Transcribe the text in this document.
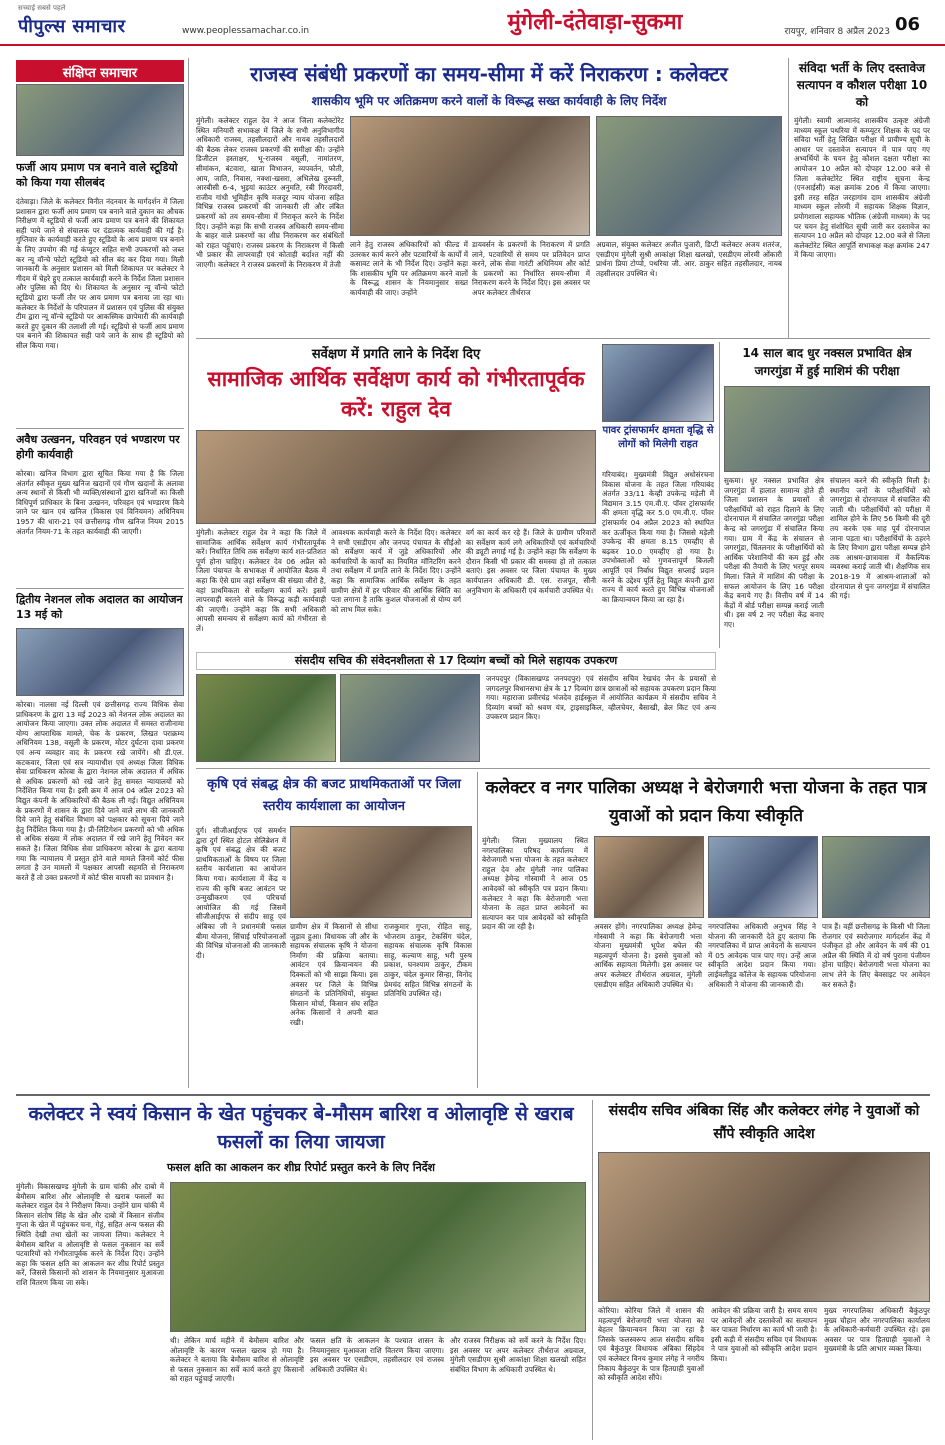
सच्चाई सबसे पहले
पीपुल्स समाचार	www.peoplessamachar.co.in	मुंगेली-दंतेवाड़ा-सुकमा	रायपुर, शनिवार 8 अप्रैल 2023 06
संक्षिप्त समाचार
फर्जी आय प्रमाण पत्र बनाने वाले स्टूडियो को किया गया सीलबंद
दंतेवाड़ा। जिले के कलेक्टर विनीत नंदनवार के मार्गदर्शन में जिला प्रशासन द्वारा फर्जी आय प्रमाण पत्र बनाने वाले दुकान का औचक निरीक्षण में स्टूडियो से फर्जी आय प्रमाण पत्र बनाने की शिकायत सही पाये जाने से संचालक पर दंडात्मक कार्यवाही की गई है। गुप्तिवार के कार्यवाही करते हुए स्टूडियो के आय प्रमाण पत्र बनाने के लिए उपयोग की गई कंप्यूटर सहित सभी उपकरणों को जब्त कर न्यू वॉन्चे फोटो स्टूडियो को सील बंद कर दिया गया। मिली जानकारी के अनुसार प्रशासन को मिली शिकायत पर कलेक्टर ने गीदम में चेहरे हुए तत्काल कार्यवाही करने के निर्देश जिला प्रशासन और पुलिस को दिए थे। शिकायत के अनुसार न्यू वॉन्चे फोटो स्टूडियो द्वारा फर्जी तौर पर आय प्रमाण पत्र बनाया जा रहा था। कलेक्टर के निर्देशों के परिपालन में प्रशासन एवं पुलिस की संयुक्त टीम द्वारा न्यू वॉन्चे स्टूडियो पर आकस्मिक छापेमारी की कार्यवाही करते हुए दुकान की तलाशी ली गई। स्टूडियो से फर्जी आय प्रमाण पत्र बनाने की शिकायत सही पाये जाने के साथ ही स्टूडियो को सील किया गया।
अवैध उत्खनन, परिवहन एवं भण्डारण पर होगी कार्यवाही
कोरबा। खनिज विभाग द्वारा सूचित किया गया है कि जिला अंतर्गत स्वीकृत मुख्य खनिज खदानों एवं गौण खदानों के अलावा अन्य स्थानों से किसी भी व्यक्ति/संस्थानों द्वारा खनिजों का किसी विधिपूर्ण प्राधिकार के बिना उत्खनन, परिवहन एवं भण्डारण किये जाने पर खान एवं खनिज (विकास एवं विनियमन) अधिनियम 1957 की धारा-21 एवं छत्तीसगढ़ गौण खनिज नियम 2015 अंतर्गत नियम-71 के तहत कार्यवाही की जाएगी।
द्वितीय नेशनल लोक अदालत का आयोजन 13 मई को
कोरबा। नालसा नई दिल्ली एवं छत्तीसगढ़ राज्य विधिक सेवा प्राधिकरण के द्वारा 13 मई 2023 को नेशनल लोक अदालत का आयोजन किया जाएगा। उक्त लोक अदालत में समस्त राजीनामा योग्य आपराधिक मामले, चेक के प्रकरण, लिखत पराक्रम्य अधिनियम 138, वसूली के प्रकरण, मोटर दुर्घटना दावा प्रकरण एवं अन्य व्यवहार वाद के प्रकरण रखे जायेंगे। श्री डी.एल. कटकवार, जिला एवं सत्र न्यायाधीश एवं अध्यक्ष जिला विधिक सेवा प्राधिकरण कोरबा के द्वारा नेशनल लोक अदालत में अधिक से अधिक प्रकरणों को रखे जाने हेतु समस्त न्यायालयों को निर्देशित किया गया है। इसी क्रम में आज 04 अप्रैल 2023 को विद्युत कंपनी के अधिकारियों की बैठक ली गई। विद्युत अधिनियम के प्रकरणों में शासन के द्वारा दिये जाने वाले लाभ की जानकारी दिये जाने हेतु संबंधित विभाग को पक्षकार को सूचना दिये जाने हेतु निर्देशित किया गया है। प्री-लिटिगेशन प्रकरणों को भी अधिक से अधिक संख्या में लोक अदालत में रखे जाने हेतु निवेदन कर सकते है। जिला विधिक सेवा प्राधिकरण कोरबा के द्वारा बताया गया कि न्यायालय में प्रस्तुत होने वाले मामले जिनमें कोर्ट फीस लगता है उन मामलों में पक्षकार आपसी सहमति से निराकरण करते हैं तो उक्त प्रकरणों में कोर्ट फीस वापसी का प्रावधान है।
राजस्व संबंधी प्रकरणों का समय-सीमा में करें निराकरण : कलेक्टर
शासकीय भूमि पर अतिक्रमण करने वालों के विरूद्ध सख्त कार्यवाही के लिए निर्देश
मुंगेली। कलेक्टर राहुल देव ने आज जिला कलेक्टोरेट स्थित मनियारी सभाकक्ष में जिले के सभी अनुविभागीय अधिकारी राजस्व, तहसीलदारों और नायब तहसीलदारों की बैठक लेकर राजस्व प्रकरणों की समीक्षा की। उन्होंने डिजीटल हस्ताक्षर, भू-राजस्व वसूली, नामांतरण, सीमांकन, बंटवारा, खाता विभाजन, व्यपवर्तन, फौती, आय, जाति, निवास, नक्शा-खसरा, अभिलेख दुरूस्ती, आरबीसी 6-4, भुइयां काउंटर अनुमति, रबी गिरदावरी, राजीव गांधी भूमिहीन कृषि मजदूर न्याय योजना सहित विभिन्न राजस्व प्रकरणों की जानकारी ली और लंबित प्रकरणों को तय समय-सीमा में निराकृत करने के निर्देश दिए। उन्होंने कहा कि सभी राजस्व अधिकारी समय-सीमा के बाहर वाले प्रकरणों का शीघ्र निराकरण कर संबंधितों को राहत पहुंचाएं। राजस्व प्रकरण के निराकरण में किसी भी प्रकार की लापरवाही एवं कोताही बर्दाश्त नहीं की जाएगी। कलेक्टर ने राजस्व प्रकरणों के निराकरण में तेजी
लाने हेतु राजस्व अधिकारियों को फील्ड में उतरकर कार्य करने और पटवारियों के कार्यों में कसावट लाने के भी निर्देश दिए। उन्होंने कहा कि शासकीय भूमि पर अतिक्रमण करने वालों के विरूद्ध शासन के नियमानुसार सख्त कार्यवाही की जाए। उन्होंने
डायवर्सन के प्रकरणों के निराकरण में प्रगति लाने, पटवारियों से समय पर प्रतिवेदन प्राप्त करने, लोक सेवा गारंटी अधिनियम और कोर्ट के प्रकरणों का निर्धारित समय-सीमा में निराकरण करने के निर्देश दिए। इस अवसर पर अपर कलेक्टर तीर्थराज
अग्रवाल, संयुक्त कलेक्टर अजीत पुजारी, डिप्टी कलेक्टर अजय शतरंज, एसडीएम मुंगेली सुश्री आकांक्षा शिक्षा खलखो, एसडीएम लोरमी ओंकारी प्रार्थना प्रिया टोप्पो, पथरिया जी. आर. ठाकुर सहित तहसीलदार, नायब तहसीलदार उपस्थित थे।
संविदा भर्ती के लिए दस्तावेज सत्यापन व कौशल परीक्षा 10 को
मुंगेली। स्वामी आत्मानंद शासकीय उत्कृष्ट अंग्रेजी माध्यम स्कूल पथरिया में कम्प्यूटर शिक्षक के पद पर संविदा भर्ती हेतु लिखित परीक्षा में प्रावीण्य सूची के आधार पर दस्तावेज सत्यापन में पात्र पाए गए अभ्यर्थियों के चयन हेतु कौशल दक्षता परीक्षा का आयोजन 10 अप्रैल को दोपहर 12.00 बजे से जिला कलेक्टोरेट स्थित राष्ट्रीय सूचना केन्द्र (एनआईसी) कक्ष क्रमांक 206 में किया जाएगा। इसी तरह सहित जरहागांव दाम शासकीय अंग्रेजी माध्यम स्कूल लोरमी में सहायक शिक्षक विज्ञान, प्रयोगशाला सहायक भौतिक (अंग्रेजी माध्यम) के पद पर चयन हेतु संशोधित सूची जारी कर दस्तावेज का सत्यापन 10 अप्रैल को दोपहर 12.00 बजे से जिला कलेक्टोरेट स्थित आपूर्ति सभाकक्ष कक्ष क्रमांक 247 में किया जाएगा।
सर्वेक्षण में प्रगति लाने के निर्देश दिए
सामाजिक आर्थिक सर्वेक्षण कार्य को गंभीरतापूर्वक करें: राहुल देव
मुंगेली। कलेक्टर राहुल देव ने कहा कि जिले में सामाजिक आर्थिक सर्वेक्षण कार्य गंभीरतापूर्वक करें। निर्धारित तिथि तक सर्वेक्षण कार्य शत-प्रतिशत पूर्ण होना चाहिए। कलेक्टर देव 06 अप्रैल को जिला पंचायत के सभाकक्ष में आयोजित बैठक में कहा कि ऐसे ग्राम जहां सर्वेक्षण की संख्या जीरो है, वहां प्राथमिकता से सर्वेक्षण कार्य करें। इसमें लापरवाही बरतने वाले के विरूद्ध कड़ी कार्यवाही की जाएगी। उन्होंने कहा कि सभी अधिकारी आपसी समन्वय से सर्वेक्षण कार्य को गंभीरता से लें।
आवश्यक कार्यवाही करने के निर्देश दिए। कलेक्टर ने सभी एसडीएम और जनपद पंचायत के सीईओ को सर्वेक्षण कार्य में जुड़े अधिकारियों और कर्मचारियों के कार्यों का नियमित मॉनिटरिंग करने तथा सर्वेक्षण में प्रगति लाने के निर्देश दिए। उन्होंने कहा कि सामाजिक आर्थिक सर्वेक्षण के तहत ग्रामीण क्षेत्रों में हर परिवार की आर्थिक स्थिति का पता लगाना है ताकि कुशल योजनाओं से योग्य वर्ग को लाभ मिल सके।
वर्ग का कार्य कर रहे हैं। जिले के ग्रामीण परिवारों का सर्वेक्षण कार्य लगे अधिकारियों एवं कर्मचारियों की ड्यूटी लगाई गई है। उन्होंने कहा कि सर्वेक्षण के दौरान किसी भी प्रकार की समस्या हो तो तत्काल बताएं। इस अवसर पर जिला पंचायत के मुख्य कार्यपालन अधिकारी डी. एस. राजपूत, सीनी अनुविभाग के अधिकारी एवं कर्मचारी उपस्थित थे।
पावर ट्रांसफार्मर क्षमता वृद्धि से लोगों को मिलेगी राहत
गरियाबंद। मुख्यमंत्री विद्युत अधोसंरचना विकास योजना के तहत जिला गरियाबंद अंतर्गत 33/11 केव्ही उपकेन्द्र मड़ेली में विद्यमान 3.15 एम.वी.ए. पॉवर ट्रांसफार्मर की क्षमता वृद्धि कर 5.0 एम.वी.ए. पॉवर ट्रांसफार्मर 04 अप्रैल 2023 को स्थापित कर ऊर्जीकृत किया गया है। जिससे मड़ेली उपकेन्द्र की क्षमता 8.15 एमव्हीए से बढ़कर 10.0 एमव्हीए हो गया है। उपभोक्ताओं को गुणवत्तापूर्ण बिजली आपूर्ति एवं निर्बाध विद्युत सप्लाई प्रदान करने के उद्देश्य पूर्ति हेतु विद्युत कंपनी द्वारा राज्य में कार्य करते हुए विभिन्न योजनाओं का क्रियान्वयन किया जा रहा है।
14 साल बाद धुर नक्सल प्रभावित क्षेत्र जगरगुंडा में हुई माशिमं की परीक्षा
सुकमा। धुर नक्सल प्रभावित क्षेत्र जगरगुंडा में हालात सामान्य होते ही जिला प्रशासन के प्रयासों से परीक्षार्थियों को राहत दिलाने के लिए दोरनापाल में संचालित जगरगुंडा परीक्षा केन्द्र को जगरगुंडा में संचालित किया गया। ग्राम में केंद्र के संचालन से जगरगुंडा, चिंतलनार के परीक्षार्थियों को आर्थिक परेशानियों की कम हुई और परीक्षा की तैयारी के लिए भरपूर समय मिला। जिले में माशिमं की परीक्षा के सफल आयोजन के लिए 16 परीक्षा केंद्र बनाये गए हैं। वित्तीय वर्ष में 14 केंद्रों में बोर्ड परीक्षा सम्पन्न कराई जाती थी। इस वर्ष 2 नए परीक्षा केंद्र बनाए गए।
संचालन करने की स्वीकृति मिली है। स्थानीय जनों के परीक्षार्थियों को जगरगुंडा से दोरनापाल में संचालित की जाती थी। परीक्षार्थियों को परीक्षा में शामिल होने के लिए 56 किमी की दूरी तय करके एक माह पूर्व दोरनापाल जाना पड़ता था। परीक्षार्थियों के ठहरने के लिए विभाग द्वारा परीक्षा सम्पन्न होने तक आश्रम-छात्रावास में वैकल्पिक व्यवस्था कराई जाती थी। शैक्षणिक सत्र 2018-19 में आश्रम-शालाओं को दोरनापाल से पुनः जगरगुंडा में संचालित की गई।
संसदीय सचिव की संवेदनशीलता से 17 दिव्यांग बच्चों को मिले सहायक उपकरण
जनपदपुर (विकासखण्ड जनपदपुर) एवं संसदीय सचिव रेखचंद जैन के प्रयासों से जगदलपुर विधानसभा क्षेत्र के 17 दिव्यांग छात्र छात्राओं को सहायक उपकरण प्रदान किया गया। महाराजा प्रवीरचंद्र भंजदेव हाईस्कूल में आयोजित कार्यक्रम में संसदीय सचिव ने दिव्यांग बच्चों को श्रवण यंत्र, ट्राइसाइकिल, व्हीलचेयर, बैसाखी, ब्रेल किट एवं अन्य उपकरण प्रदान किए।
कृषि एवं संबद्ध क्षेत्र की बजट प्राथमिकताओं पर जिला स्तरीय कार्यशाला का आयोजन
दुर्ग। सीजीआईएफ एवं समर्थन द्वारा दुर्ग स्थित होटल सेलिब्रेशन में कृषि एवं संबद्ध क्षेत्र की बजट प्राथमिकताओं के विषय पर जिला स्तरीय कार्यशाला का आयोजन किया गया। कार्यशाला में केंद्र व राज्य की कृषि बजट आवंटन पर उन्मुखीकरण एवं परिचर्चा आयोजित की गई जिसमें सीजीआईएफ से संदीप साहू एवं अंबिका जी ने प्रधानमंत्री फसल बीमा योजना, सिंचाई परियोजनाओं की विभिन्न योजनाओं की जानकारी दी।
ग्रामीण क्षेत्र में किसानों से सीधा जुड़ाव हुआ। विधायक जी और के सहायक संचालक कृषि ने योजना निर्माण की प्रक्रिया बताया। आवंटन एवं क्रियान्वयन की दिक्कतों को भी साझा किया। इस अवसर पर जिले के विभिन्न संगठनों के प्रतिनिधियों, संयुक्त किसान मोर्चा, किसान संघ सहित अनेक किसानों ने अपनी बात रखी।
राजकुमार गुप्ता, रोहित साहू, भोजराम ठाकुर, टेकसिंग चंदेल, सहायक संचालक कृषि विकास साहू, कल्याण साहू, भरी पुरुष प्रकाश, घनश्याम ठाकुर, टीकम ठाकुर, चंदेल कुमार सिन्हा, विनोद प्रेमचंद सहित विभिन्न संगठनों के प्रतिनिधि उपस्थित रहे।
कलेक्टर व नगर पालिका अध्यक्ष ने बेरोजगारी भत्ता योजना के तहत पात्र युवाओं को प्रदान किया स्वीकृति
मुंगेली। जिला मुख्यालय स्थित नगरपालिका परिषद कार्यालय में बेरोजगारी भत्ता योजना के तहत कलेक्टर राहुल देव और मुंगेली नगर पालिका अध्यक्ष हेमेन्द्र गोस्वामी ने आज 05 आवेदकों को स्वीकृति पत्र प्रदान किया। कलेक्टर ने कहा कि बेरोजगारी भत्ता योजना के तहत प्राप्त आवेदनों का सत्यापन कर पात्र आवेदकों को स्वीकृति प्रदान की जा रही है।	अवसर होंगे। नगरपालिका अध्यक्ष हेमेन्द्र गोस्वामी ने कहा कि बेरोजगारी भत्ता योजना मुख्यमंत्री भूपेश बघेल की महत्वपूर्ण योजना है। इससे युवाओं को आर्थिक सहायता मिलेगी। इस अवसर पर अपर कलेक्टर तीर्थराज अग्रवाल, मुंगेली एसडीएम सहित अधिकारी उपस्थित थे।
नगरपालिका अधिकारी अनुभव सिंह ने योजना की जानकारी देते हुए बताया कि नगरपालिका में प्राप्त आवेदनों के सत्यापन में 05 आवेदक पात्र पाए गए। उन्हें आज स्वीकृति आदेश प्रदान किया गया। लाईवलीहुड कॉलेज के सहायक परियोजना अधिकारी ने योजना की जानकारी दी।
पात्र हैं। वहीं छत्तीसगढ़ के किसी भी जिला रोजगार एवं स्वरोजगार मार्गदर्शन केंद्र में पंजीकृत हो और आवेदन के वर्ष की 01 अप्रैल की स्थिति में दो वर्ष पुराना पंजीयन होना चाहिए। बेरोजगारी भत्ता योजना का लाभ लेने के लिए बेवसाइट पर आवेदन कर सकते हैं।
कलेक्टर ने स्वयं किसान के खेत पहुंचकर बे-मौसम बारिश व ओलावृष्टि से खराब फसलों का लिया जायजा
फसल क्षति का आकलन कर शीघ्र रिपोर्ट प्रस्तुत करने के लिए निर्देश
मुंगेली। विकासखण्ड मुंगेली के ग्राम चांकी और दाबो में बेमौसम बारिश और ओलावृष्टि से खराब फसलों का कलेक्टर राहुल देव ने निरीक्षण किया। उन्होंने ग्राम चांकी में किसान संतोष सिंह के खेत और दाबो में किसान संजीव गुप्ता के खेत में पहुंचकर चना, गेहूं, सहित अन्य फसल की स्थिति देखी तथा खेतों का जायजा लिया। कलेक्टर ने बेमौसम बारिश व ओलावृष्टि से फसल नुकसान का सर्वे पटवारियों को गंभीरतापूर्वक करने के निर्देश दिए। उन्होंने कहा कि फसल क्षति का आकलन कर शीघ्र रिपोर्ट प्रस्तुत करें, जिससे किसानों को शासन के नियमानुसार मुआवजा राशि वितरण किया जा सके।
थी। लेकिन मार्च महीने में बेमौसम बारिश और ओलावृष्टि के कारण फसल खराब हो गया है। कलेक्टर ने बताया कि बेमौसम बारिश से ओलावृष्टि से फसल नुकसान का सर्वे कार्य करते हुए किसानों को राहत पहुंचाई जाएगी।
फसल क्षति के आकलन के पश्चात शासन के नियमानुसार मुआवजा राशि वितरण किया जाएगा। इस अवसर पर एसडीएम, तहसीलदार एवं राजस्व अधिकारी उपस्थित थे।
और राजस्व निरीक्षक को सर्वे करने के निर्देश दिए। इस अवसर पर अपर कलेक्टर तीर्थराज अग्रवाल, मुंगेली एसडीएम सुश्री आकांक्षा शिक्षा खलखो सहित संबंधित विभाग के अधिकारी उपस्थित थे।
संसदीय सचिव अंबिका सिंह और कलेक्टर लंगेह ने युवाओं को सौंपे स्वीकृति आदेश
कोरिया। कोरिया जिले में शासन की महत्वपूर्ण बेरोजगारी भत्ता योजना का बेहतर क्रियान्वयन किया जा रहा है जिसके फलस्वरूप आज संसदीय सचिव एवं बैकुंठपुर विधायक अंबिका सिंहदेव एवं कलेक्टर विनय कुमार लंगेह ने नगरीय निकाय बैकुंठपुर के पात्र हितग्राही युवाओं को स्वीकृति आदेश सौंपे।
आवेदन की प्रक्रिया जारी है। समय समय पर आवेदनों और दस्तावेजों का सत्यापन कर पात्रता निर्धारण का कार्य भी जारी है। इसी कड़ी में संसदीय सचिव एवं विधायक ने पात्र युवाओं को स्वीकृति आदेश प्रदान किया।
मुख्य नगरपालिका अधिकारी बैकुंठपुर मुख्य चौहान और नगरपालिका कार्यालय के अधिकारी-कर्मचारी उपस्थित रहे। इस अवसर पर पात्र हितग्राही युवाओं ने मुख्यमंत्री के प्रति आभार व्यक्त किया।
